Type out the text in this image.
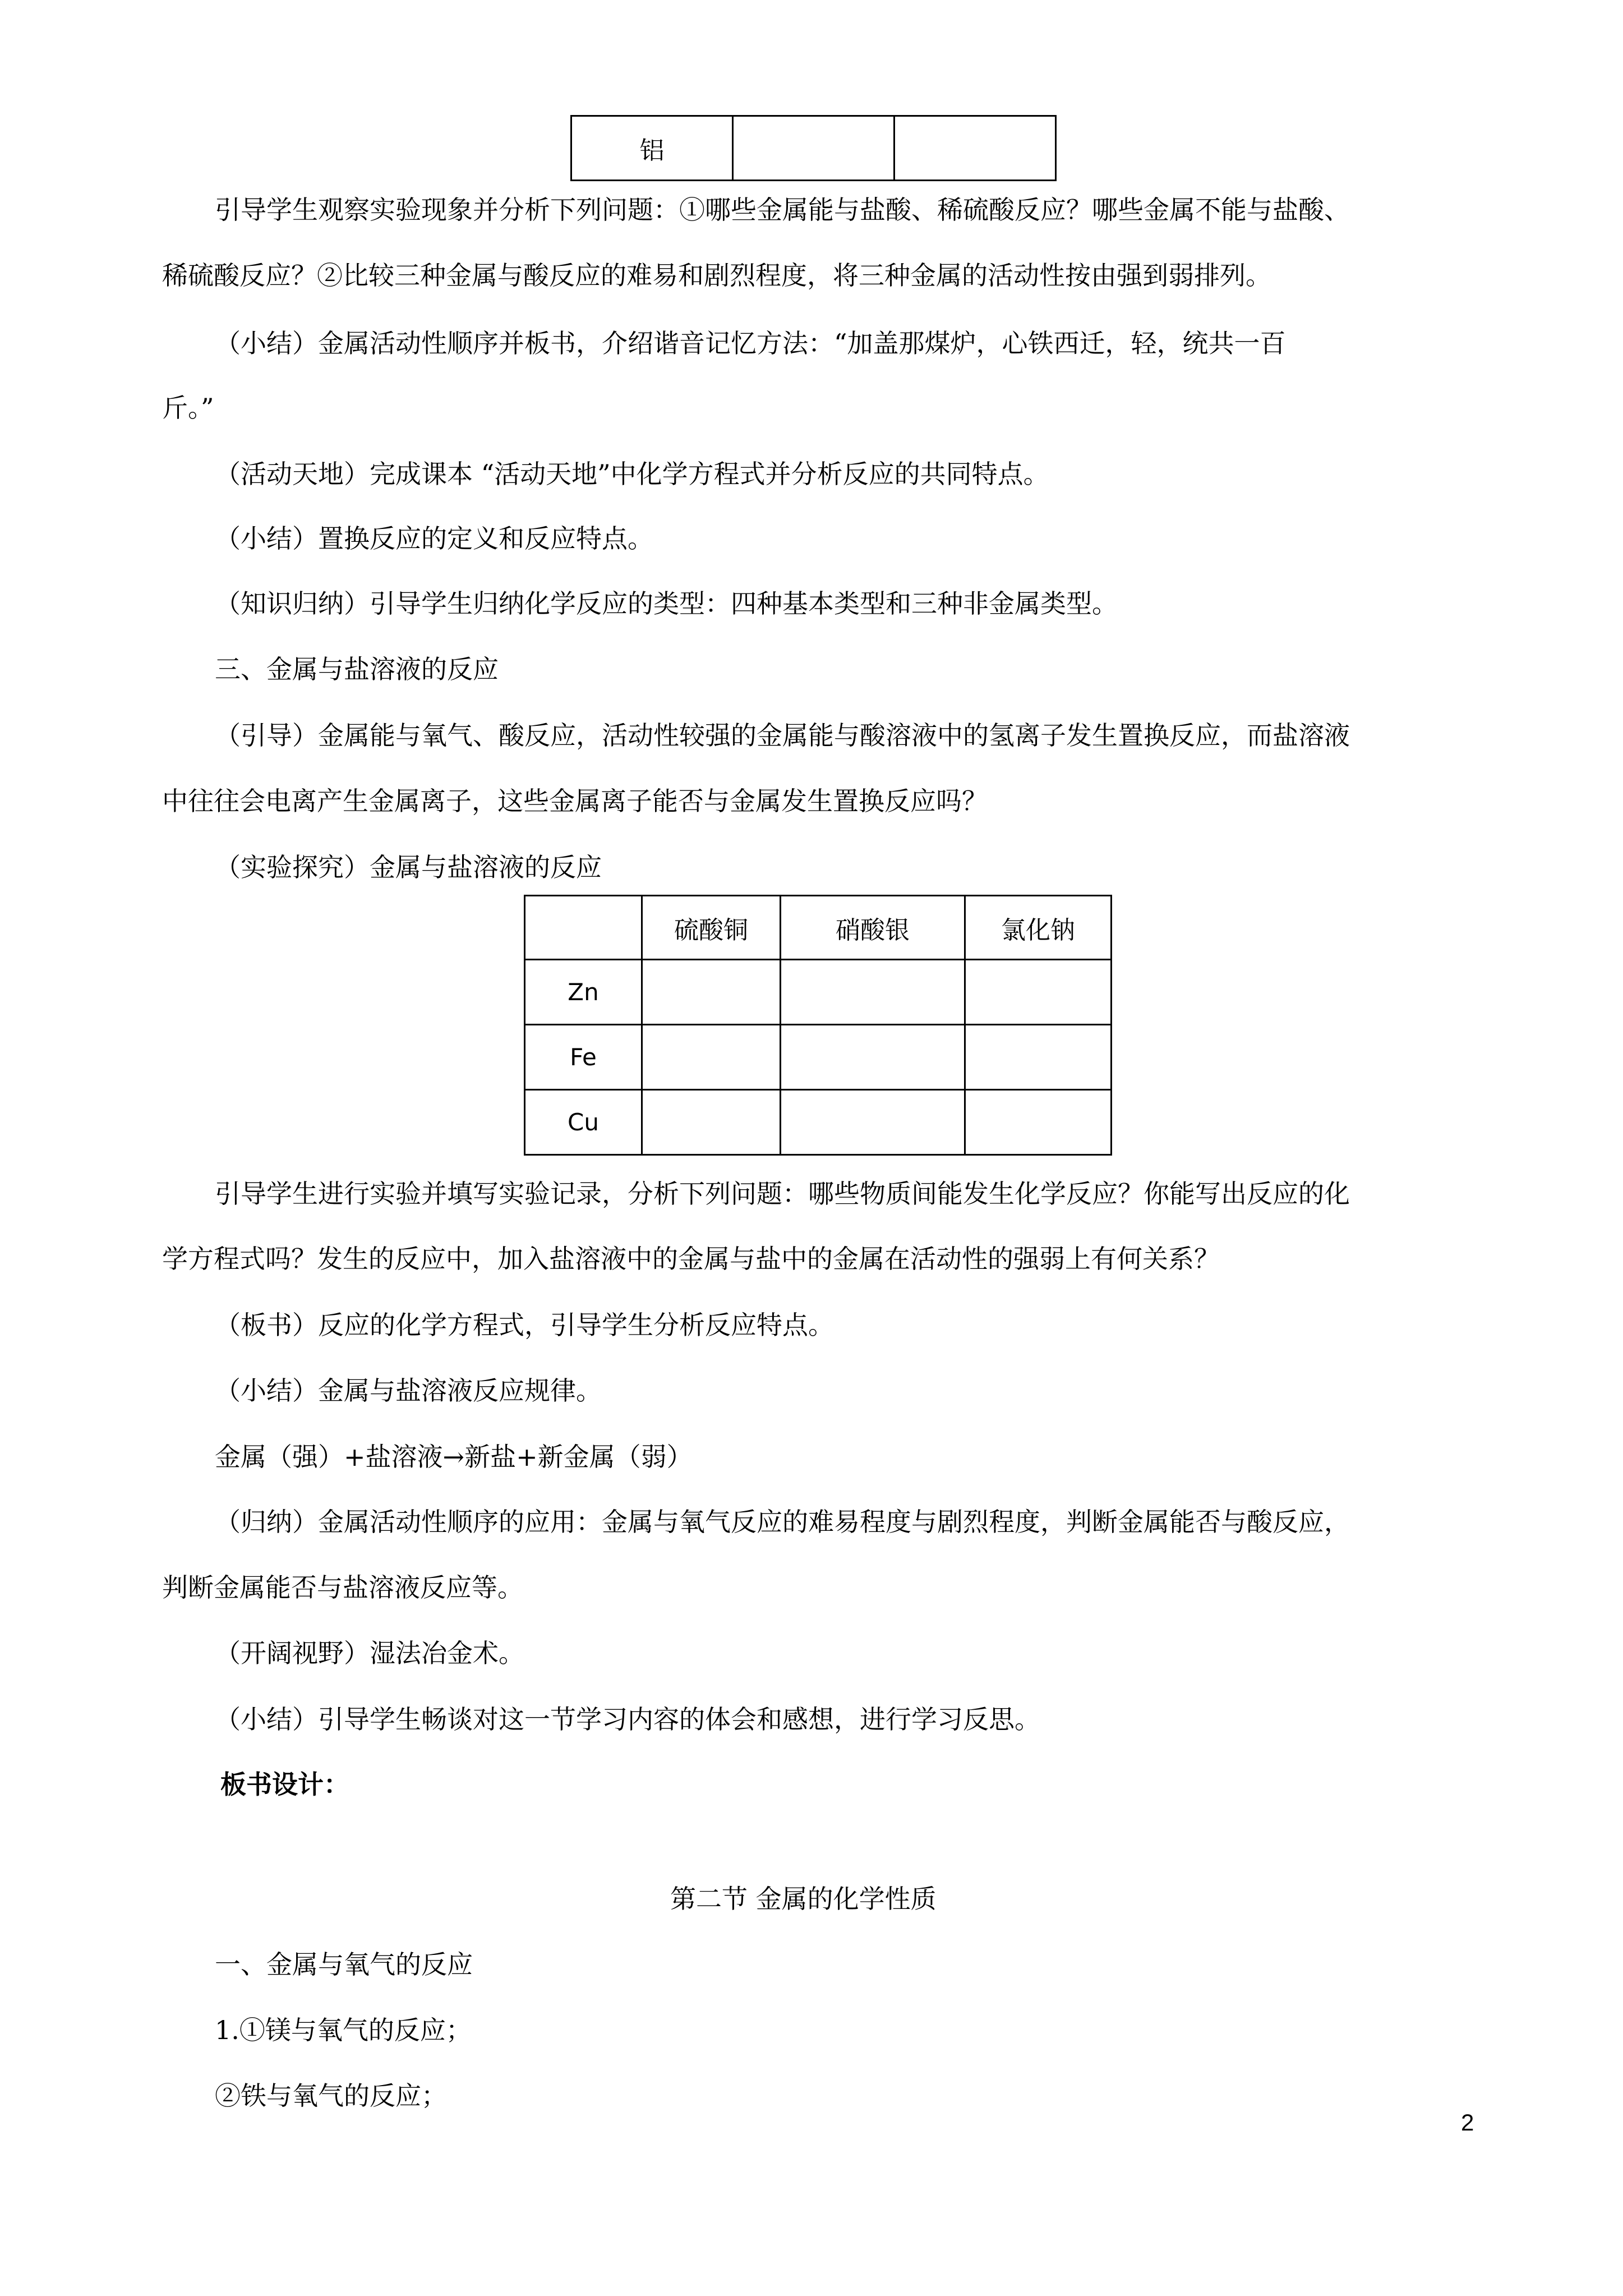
铝		
引导学生观察实验现象并分析下列问题：①哪些金属能与盐酸、稀硫酸反应？哪些金属不能与盐酸、
稀硫酸反应？②比较三种金属与酸反应的难易和剧烈程度，将三种金属的活动性按由强到弱排列。
（小结）金属活动性顺序并板书，介绍谐音记忆方法：“加盖那煤炉，心铁西迁，轻，统共一百
斤。”
（活动天地）完成课本 “活动天地”中化学方程式并分析反应的共同特点。
（小结）置换反应的定义和反应特点。
（知识归纳）引导学生归纳化学反应的类型：四种基本类型和三种非金属类型。
三、金属与盐溶液的反应
（引导）金属能与氧气、酸反应，活动性较强的金属能与酸溶液中的氢离子发生置换反应，而盐溶液
中往往会电离产生金属离子，这些金属离子能否与金属发生置换反应吗？
（实验探究）金属与盐溶液的反应
	硫酸铜	硝酸银	氯化钠
Zn			
Fe			
Cu			
引导学生进行实验并填写实验记录，分析下列问题：哪些物质间能发生化学反应？你能写出反应的化
学方程式吗？发生的反应中，加入盐溶液中的金属与盐中的金属在活动性的强弱上有何关系？
（板书）反应的化学方程式，引导学生分析反应特点。
（小结）金属与盐溶液反应规律。
金属（强）+盐溶液→新盐+新金属（弱）
（归纳）金属活动性顺序的应用：金属与氧气反应的难易程度与剧烈程度，判断金属能否与酸反应，
判断金属能否与盐溶液反应等。
（开阔视野）湿法冶金术。
（小结）引导学生畅谈对这一节学习内容的体会和感想，进行学习反思。
板书设计：
第二节 金属的化学性质
一、金属与氧气的反应
1.①镁与氧气的反应；
②铁与氧气的反应；
2
